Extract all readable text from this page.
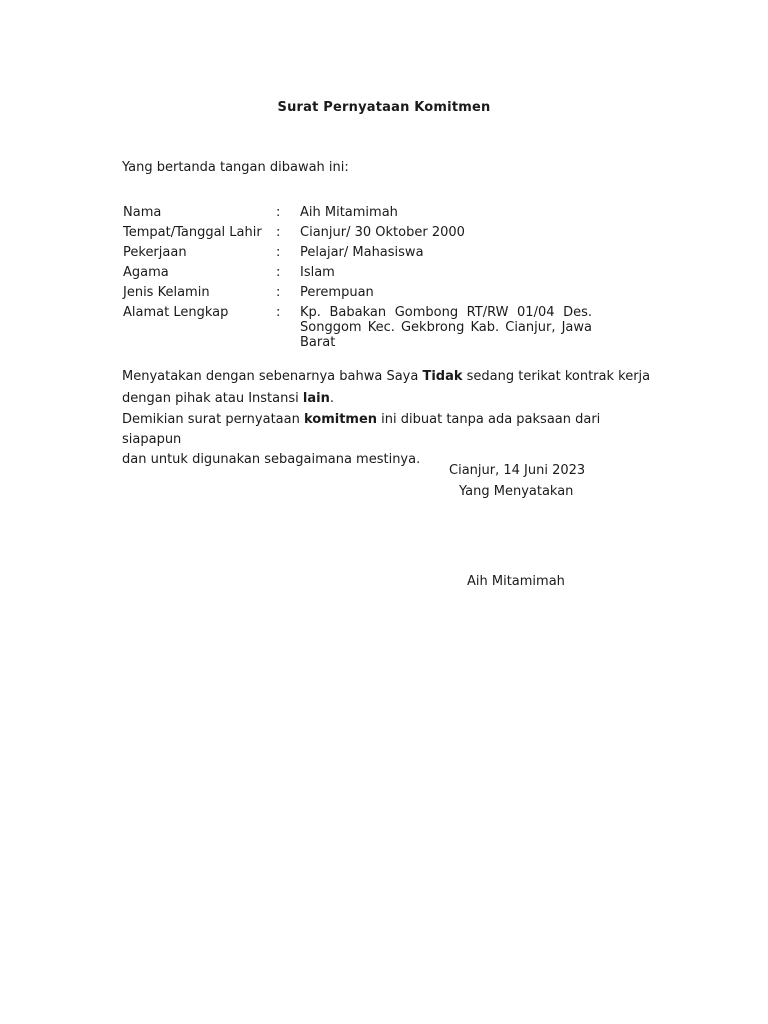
Surat Pernyataan Komitmen
Yang bertanda tangan dibawah ini:
Nama	: Aih Mitamimah
Tempat/Tanggal Lahir	: Cianjur/ 30 Oktober 2000
Pekerjaan	: Pelajar/ Mahasiswa
Agama	: Islam
Jenis Kelamin	: Perempuan
Alamat Lengkap	: Kp. Babakan Gombong RT/RW 01/04 Des. Songgom Kec. Gekbrong Kab. Cianjur, Jawa Barat
Menyatakan dengan sebenarnya bahwa Saya Tidak sedang terikat kontrak kerja dengan pihak atau Instansi lain.
Demikian surat pernyataan komitmen ini dibuat tanpa ada paksaan dari siapapun
dan untuk digunakan sebagaimana mestinya.
Cianjur, 14 Juni 2023
Yang Menyatakan
Aih Mitamimah
